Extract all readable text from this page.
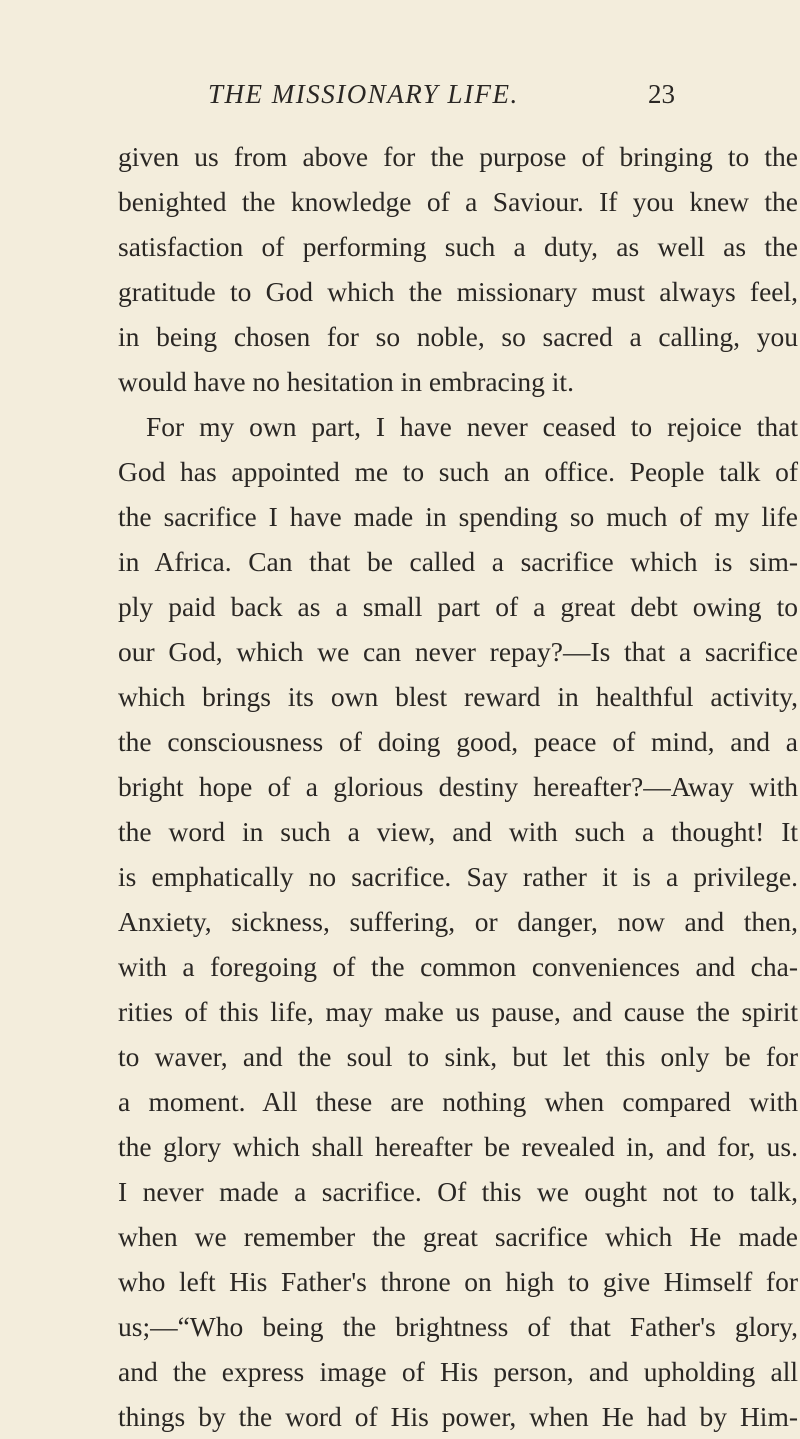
THE MISSIONARY LIFE.	23
given us from above for the purpose of bringing to the
benighted the knowledge of a Saviour. If you knew the
satisfaction of performing such a duty, as well as the
gratitude to God which the missionary must always feel,
in being chosen for so noble, so sacred a calling, you
would have no hesitation in embracing it.
For my own part, I have never ceased to rejoice that
God has appointed me to such an office. People talk of
the sacrifice I have made in spending so much of my life
in Africa. Can that be called a sacrifice which is sim-
ply paid back as a small part of a great debt owing to
our God, which we can never repay?—Is that a sacrifice
which brings its own blest reward in healthful activity,
the consciousness of doing good, peace of mind, and a
bright hope of a glorious destiny hereafter?—Away with
the word in such a view, and with such a thought! It
is emphatically no sacrifice. Say rather it is a privilege.
Anxiety, sickness, suffering, or danger, now and then,
with a foregoing of the common conveniences and cha-
rities of this life, may make us pause, and cause the spirit
to waver, and the soul to sink, but let this only be for
a moment. All these are nothing when compared with
the glory which shall hereafter be revealed in, and for, us.
I never made a sacrifice. Of this we ought not to talk,
when we remember the great sacrifice which He made
who left His Father's throne on high to give Himself for
us;—“Who being the brightness of that Father's glory,
and the express image of His person, and upholding all
things by the word of His power, when He had by Him-
